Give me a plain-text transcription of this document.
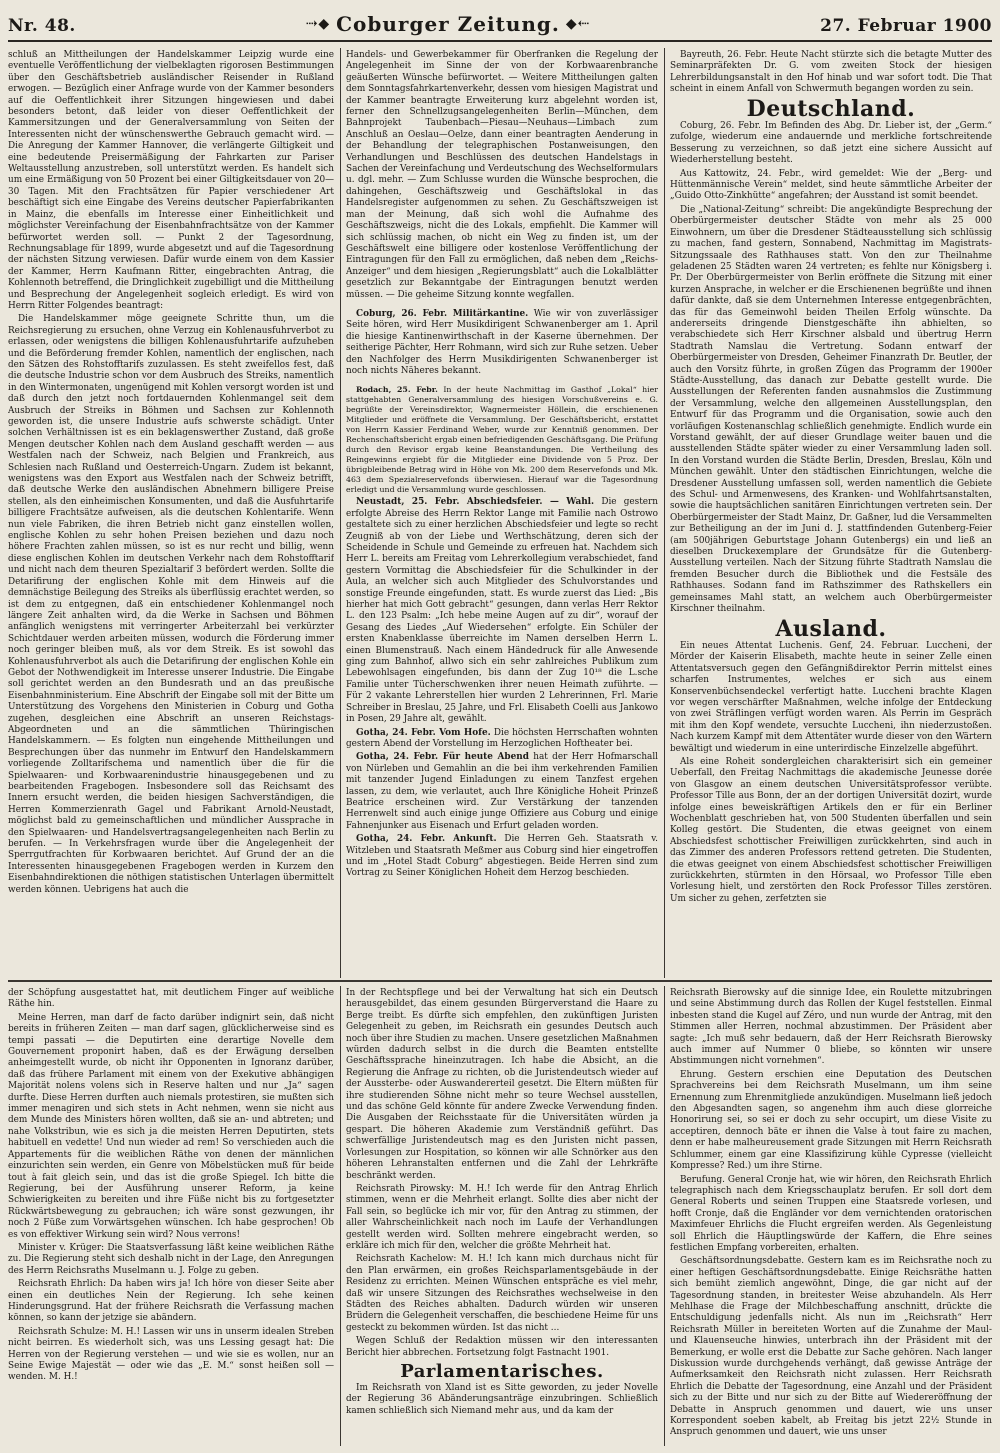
Nr. 48.	⇢◆ Coburger Zeitung. ◆⇠	27. Februar 1900

schluß an Mittheilungen der Handelskammer Leipzig wurde eine eventuelle Veröffentlichung der vielbeklagten rigorosen Bestimmungen über den Geschäftsbetrieb ausländischer Reisender in Rußland erwogen. — Bezüglich einer Anfrage wurde von der Kammer besonders auf die Oeffentlichkeit ihrer Sitzungen hingewiesen und dabei besonders betont, daß leider von dieser Oeffentlichkeit der Kammersitzungen und der Generalversammlung von Seiten der Interessenten nicht der wünschenswerthe Gebrauch gemacht wird. — Die Anregung der Kammer Hannover, die verlängerte Giltigkeit und eine bedeutende Preisermäßigung der Fahrkarten zur Pariser Weltausstellung anzustreben, soll unterstützt werden. Es handelt sich um eine Ermäßigung von 50 Prozent bei einer Giltigkeitsdauer von 20—30 Tagen. Mit den Frachtsätzen für Papier verschiedener Art beschäftigt sich eine Eingabe des Vereins deutscher Papierfabrikanten in Mainz, die ebenfalls im Interesse einer Einheitlichkeit und möglichster Vereinfachung der Eisenbahnfrachtsätze von der Kammer befürwortet werden soll. — Punkt 2 der Tagesordnung, Rechnungsablage für 1899, wurde abgesetzt und auf die Tagesordnung der nächsten Sitzung verwiesen. Dafür wurde einem von dem Kassier der Kammer, Herrn Kaufmann Ritter, eingebrachten Antrag, die Kohlennoth betreffend, die Dringlichkeit zugebilligt und die Mittheilung und Besprechung der Angelegenheit sogleich erledigt. Es wird von Herrn Ritter Folgendes beantragt:

Die Handelskammer möge geeignete Schritte thun, um die Reichsregierung zu ersuchen, ohne Verzug ein Kohlenausfuhrverbot zu erlassen, oder wenigstens die billigen Kohlenausfuhrtarife aufzuheben und die Beförderung fremder Kohlen, namentlich der englischen, nach den Sätzen des Rohstofftarifs zuzulassen. Es steht zweifellos fest, daß die deutsche Industrie schon vor dem Ausbruch des Streiks, namentlich in den Wintermonaten, ungenügend mit Kohlen versorgt worden ist und daß durch den jetzt noch fortdauernden Kohlenmangel seit dem Ausbruch der Streiks in Böhmen und Sachsen zur Kohlennoth geworden ist, die unsere Industrie aufs schwerste schädigt. Unter solchen Verhältnissen ist es ein beklagenswerther Zustand, daß große Mengen deutscher Kohlen nach dem Ausland geschafft werden — aus Westfalen nach der Schweiz, nach Belgien und Frankreich, aus Schlesien nach Rußland und Oesterreich-Ungarn. Zudem ist bekannt, wenigstens was den Export aus Westfalen nach der Schweiz betrifft, daß deutsche Werke den ausländischen Abnehmern billigere Preise stellen, als den einheimischen Konsumenten, und daß die Ausfuhrtarife billigere Frachtsätze aufweisen, als die deutschen Kohlentarife. Wenn nun viele Fabriken, die ihren Betrieb nicht ganz einstellen wollen, englische Kohlen zu sehr hohen Preisen beziehen und dazu noch höhere Frachten zahlen müssen, so ist es nur recht und billig, wenn diese englischen Kohlen im deutschen Verkehr nach dem Rohstofftarif und nicht nach dem theuren Spezialtarif 3 befördert werden. Sollte die Detarifirung der englischen Kohle mit dem Hinweis auf die demnächstige Beilegung des Streiks als überflüssig erachtet werden, so ist dem zu entgegnen, daß ein entschiedener Kohlenmangel noch längere Zeit anhalten wird, da die Werke in Sachsen und Böhmen anfänglich wenigstens mit verringerter Arbeiterzahl bei verkürzter Schichtdauer werden arbeiten müssen, wodurch die Förderung immer noch geringer bleiben muß, als vor dem Streik. Es ist sowohl das Kohlenausfuhrverbot als auch die Detarifirung der englischen Kohle ein Gebot der Nothwendigkeit im Interesse unserer Industrie. Die Eingabe soll gerichtet werden an den Bundesrath und an das preußische Eisenbahnministerium. Eine Abschrift der Eingabe soll mit der Bitte um Unterstützung des Vorgehens den Ministerien in Coburg und Gotha zugehen, desgleichen eine Abschrift an unseren Reichstags-Abgeordneten und an die sämmtlichen Thüringischen Handelskammern. — Es folgten nun eingehende Mittheilungen und Besprechungen über das nunmehr im Entwurf den Handelskammern vorliegende Zolltarifschema und namentlich über die für die Spielwaaren- und Korbwaarenindustrie hinausgegebenen und zu bearbeitenden Fragebogen. Insbesondere soll das Reichsamt des Innern ersucht werden, die beiden hiesigen Sachverständigen, die Herren Kommerzienrath Gagel und Fabrikant Arnold-Neustadt, möglichst bald zu gemeinschaftlichen und mündlicher Aussprache in den Spielwaaren- und Handelsvertragsangelegenheiten nach Berlin zu berufen. — In Verkehrsfragen wurde über die Angelegenheit der Sperrgutfrachten für Korbwaaren berichtet. Auf Grund der an die Interessenten hinausgegebenen Fragebogen werden in Kurzem den Eisenbahndirektionen die nöthigen statistischen Unterlagen übermittelt werden können. Uebrigens hat auch die

Handels- und Gewerbekammer für Oberfranken die Regelung der Angelegenheit im Sinne der von der Korbwaarenbranche geäußerten Wünsche befürwortet. — Weitere Mittheilungen galten dem Sonntagsfahrkartenverkehr, dessen vom hiesigen Magistrat und der Kammer beantragte Erweiterung kurz abgelehnt worden ist, ferner den Schnellzugsangelegenheiten Berlin—München, dem Bahnprojekt Taubenbach—Piesau—Neuhaus—Limbach zum Anschluß an Oeslau—Oelze, dann einer beantragten Aenderung in der Behandlung der telegraphischen Postanweisungen, den Verhandlungen und Beschlüssen des deutschen Handelstags in Sachen der Vereinfachung und Verdeutschung des Wechselformulars u. dgl. mehr. — Zum Schlusse wurden die Wünsche besprochen, die dahingehen, Geschäftszweig und Geschäftslokal in das Handelsregister aufgenommen zu sehen. Zu Geschäftszweigen ist man der Meinung, daß sich wohl die Aufnahme des Geschäftszweigs, nicht die des Lokals, empfiehlt. Die Kammer will sich schlüssig machen, ob nicht ein Weg zu finden ist, um der Geschäftswelt eine billigere oder kostenlose Veröffentlichung der Eintragungen für den Fall zu ermöglichen, daß neben dem „Reichs-Anzeiger“ und dem hiesigen „Regierungsblatt“ auch die Lokalblätter gesetzlich zur Bekanntgabe der Eintragungen benutzt werden müssen. — Die geheime Sitzung konnte wegfallen.

Coburg, 26. Febr. Militärkantine. Wie wir von zuverlässiger Seite hören, wird Herr Musikdirigent Schwanenberger am 1. April die hiesige Kantinenwirthschaft in der Kaserne übernehmen. Der seitherige Pächter, Herr Rohmann, wird sich zur Ruhe setzen. Ueber den Nachfolger des Herrn Musikdirigenten Schwanenberger ist noch nichts Näheres bekannt.

Rodach, 25. Febr. In der heute Nachmittag im Gasthof „Lokal“ hier stattgehabten Generalversammlung des hiesigen Vorschußvereins e. G. begrüßte der Vereinsdirektor, Wagnermeister Höllein, die erschienenen Mitglieder und eröffnete die Versammlung. Der Geschäftsbericht, erstattet von Herrn Kassier Ferdinand Weber, wurde zur Kenntniß genommen. Der Rechenschaftsbericht ergab einen befriedigenden Geschäftsgang. Die Prüfung durch den Revisor ergab keine Beanstandungen. Die Vertheilung des Reingewinns ergiebt für die Mitglieder eine Dividende von 5 Proz. Der übrigbleibende Betrag wird in Höhe von Mk. 200 dem Reservefonds und Mk. 463 dem Spezialreservefonds überwiesen. Hierauf war die Tagesordnung erledigt und die Versammlung wurde geschlossen.

Neustadt, 25. Febr. Abschiedsfeier. — Wahl. Die gestern erfolgte Abreise des Herrn Rektor Lange mit Familie nach Ostrowo gestaltete sich zu einer herzlichen Abschiedsfeier und legte so recht Zeugniß ab von der Liebe und Werthschätzung, deren sich der Scheidende in Schule und Gemeinde zu erfreuen hat. Nachdem sich Herr L. bereits am Freitag vom Lehrerkollegium verabschiedet, fand gestern Vormittag die Abschiedsfeier für die Schulkinder in der Aula, an welcher sich auch Mitglieder des Schulvorstandes und sonstige Freunde eingefunden, statt. Es wurde zuerst das Lied: „Bis hierher hat mich Gott gebracht“ gesungen, dann verlas Herr Rektor L. den 123 Psalm: „Ich hebe meine Augen auf zu dir“, worauf der Gesang des Liedes „Auf Wiedersehen“ erfolgte. Ein Schüler der ersten Knabenklasse überreichte im Namen derselben Herrn L. einen Blumenstrauß. Nach einem Händedruck für alle Anwesende ging zum Bahnhof, allwo sich ein sehr zahlreiches Publikum zum Lebewohlsagen eingefunden, bis dann der Zug 10¹⁸ die L.sche Familie unter Tücherschwenken ihrer neuen Heimath zuführte. — Für 2 vakante Lehrerstellen hier wurden 2 Lehrerinnen, Frl. Marie Schreiber in Breslau, 25 Jahre, und Frl. Elisabeth Coelli aus Jankowo in Posen, 29 Jahre alt, gewählt.

Gotha, 24. Febr. Vom Hofe. Die höchsten Herrschaften wohnten gestern Abend der Vorstellung im Herzoglichen Hoftheater bei.

Gotha, 24. Febr. Für heute Abend hat der Herr Hofmarschall von Nürleben und Gemahlin an die bei ihm verkehrenden Familien mit tanzender Jugend Einladungen zu einem Tanzfest ergehen lassen, zu dem, wie verlautet, auch Ihre Königliche Hoheit Prinzeß Beatrice erscheinen wird. Zur Verstärkung der tanzenden Herrenwelt sind auch einige junge Offiziere aus Coburg und einige Fahnenjunker aus Eisenach und Erfurt geladen worden.

Gotha, 24. Febr. Ankunft. Die Herren Geh. Staatsrath v. Witzleben und Staatsrath Meßmer aus Coburg sind hier eingetroffen und im „Hotel Stadt Coburg“ abgestiegen. Beide Herren sind zum Vortrag zu Seiner Königlichen Hoheit dem Herzog beschieden.

Bayreuth, 26. Febr. Heute Nacht stürzte sich die betagte Mutter des Seminarpräfekten Dr. G. vom zweiten Stock der hiesigen Lehrerbildungsanstalt in den Hof hinab und war sofort todt. Die That scheint in einem Anfall von Schwermuth begangen worden zu sein.

Deutschland.

Coburg, 26. Febr. Im Befinden des Abg. Dr. Lieber ist, der „Germ.“ zufolge, wiederum eine andauernde und merkliche fortschreitende Besserung zu verzeichnen, so daß jetzt eine sichere Aussicht auf Wiederherstellung besteht.

Aus Kattowitz, 24. Febr., wird gemeldet: Wie der „Berg- und Hüttenmännische Verein“ meldet, sind heute sämmtliche Arbeiter der „Guido Otto-Zinkhütte“ angefahren; der Ausstand ist somit beendet.

Die „National-Zeitung“ schreibt: Die angekündigte Besprechung der Oberbürgermeister deutscher Städte von mehr als 25 000 Einwohnern, um über die Dresdener Städteausstellung sich schlüssig zu machen, fand gestern, Sonnabend, Nachmittag im Magistrats-Sitzungssaale des Rathhauses statt. Von den zur Theilnahme geladenen 25 Städten waren 24 vertreten; es fehlte nur Königsberg i. Pr. Der Oberbürgermeister von Berlin eröffnete die Sitzung mit einer kurzen Ansprache, in welcher er die Erschienenen begrüßte und ihnen dafür dankte, daß sie dem Unternehmen Interesse entgegenbrächten, das für das Gemeinwohl beiden Theilen Erfolg wünschte. Da andererseits dringende Dienstgeschäfte ihn abhielten, so verabschiedete sich Herr Kirschner alsbald und übertrug Herrn Stadtrath Namslau die Vertretung. Sodann entwarf der Oberbürgermeister von Dresden, Geheimer Finanzrath Dr. Beutler, der auch den Vorsitz führte, in großen Zügen das Programm der 1900er Städte-Ausstellung, das danach zur Debatte gestellt wurde. Die Ausstellungen der Referenten fanden ausnahmslos die Zustimmung der Versammlung, welche den allgemeinen Ausstellungsplan, den Entwurf für das Programm und die Organisation, sowie auch den vorläufigen Kostenanschlag schließlich genehmigte. Endlich wurde ein Vorstand gewählt, der auf dieser Grundlage weiter bauen und die ausstellenden Städte später wieder zu einer Versammlung laden soll. In den Vorstand wurden die Städte Berlin, Dresden, Breslau, Köln und München gewählt. Unter den städtischen Einrichtungen, welche die Dresdener Ausstellung umfassen soll, werden namentlich die Gebiete des Schul- und Armenwesens, des Kranken- und Wohlfahrtsanstalten, sowie die hauptsächlichen sanitären Einrichtungen vertreten sein. Der Oberbürgermeister der Stadt Mainz, Dr. Gaßner, lud die Versammelten zur Betheiligung an der im Juni d. J. stattfindenden Gutenberg-Feier (am 500jährigen Geburtstage Johann Gutenbergs) ein und ließ an dieselben Druckexemplare der Grundsätze für die Gutenberg-Ausstellung verteilen. Nach der Sitzung führte Stadtrath Namslau die fremden Besucher durch die Bibliothek und die Festsäle des Rathhauses. Sodann fand im Rathszimmer des Rathskellers ein gemeinsames Mahl statt, an welchem auch Oberbürgermeister Kirschner theilnahm.

Ausland.

Ein neues Attentat Luchenis. Genf, 24. Februar. Luccheni, der Mörder der Kaiserin Elisabeth, machte heute in seiner Zelle einen Attentatsversuch gegen den Gefängnißdirektor Perrin mittelst eines scharfen Instrumentes, welches er sich aus einem Konservenbüchsendeckel verfertigt hatte. Luccheni brachte Klagen vor wegen verschärfter Maßnahmen, welche infolge der Entdeckung von zwei Sträflingen verfügt worden waren. Als Perrin im Gespräch mit ihm den Kopf wendete, versuchte Luccheni, ihn niederzustoßen. Nach kurzem Kampf mit dem Attentäter wurde dieser von den Wärtern bewältigt und wiederum in eine unterirdische Einzelzelle abgeführt.

Als eine Roheit sondergleichen charakterisirt sich ein gemeiner Ueberfall, den Freitag Nachmittags die akademische Jeunesse dorée von Glasgow an einem deutschen Universitätsprofessor verübte. Professor Tille aus Bonn, der an der dortigen Universität dozirt, wurde infolge eines beweiskräftigen Artikels den er für ein Berliner Wochenblatt geschrieben hat, von 500 Studenten überfallen und sein Kolleg gestört. Die Studenten, die etwas geeignet von einem Abschiedsfest schottischer Freiwilligen zurückkehrten, sind auch in das Zimmer des anderen Professors rettend getreten. Die Studenten, die etwas geeignet von einem Abschiedsfest schottischer Freiwilligen zurückkehrten, stürmten in den Hörsaal, wo Professor Tille eben Vorlesung hielt, und zerstörten den Rock Professor Tilles zerstören. Um sicher zu gehen, zerfetzten sie

der Schöpfung ausgestattet hat, mit deutlichem Finger auf weibliche Räthe hin.

Meine Herren, man darf de facto darüber indignirt sein, daß nicht bereits in früheren Zeiten — man darf sagen, glücklicherweise sind es tempi passati — die Deputirten eine derartige Novelle dem Gouvernement proponirt haben, daß es der Erwägung derselben anheimgestellt wurde, ob nicht ihr Opponenten in Ignoranz darüber, daß das frühere Parlament mit einem von der Exekutive abhängigen Majorität nolens volens sich in Reserve halten und nur „Ja“ sagen durfte. Diese Herren durften auch niemals protestiren, sie mußten sich immer menagiren und sich stets in Acht nehmen, wenn sie nicht aus dem Munde des Ministers hören wollten, daß sie an- und abtreten; und nahe Volkstribun, wie es sich ja die meisten Herren Deputirten, stets habituell en vedette! Und nun wieder ad rem! So verschieden auch die Appartements für die weiblichen Räthe von denen der männlichen einzurichten sein werden, ein Genre von Möbelstücken muß für beide tout à fait gleich sein, und das ist die große Spiegel. Ich bitte die Regierung, bei der Ausführung unserer Reform, ja keine Schwierigkeiten zu bereiten und ihre Füße nicht bis zu fortgesetzter Rückwärtsbewegung zu gebrauchen; ich wäre sonst gezwungen, ihr noch 2 Füße zum Vorwärtsgehen wünschen. Ich habe gesprochen! Ob es von effektiver Wirkung sein wird? Nous verrons!

Minister v. Krüger: Die Staatsverfassung läßt keine weiblichen Räthe zu. Die Regierung steht sich deshalb nicht in der Lage, den Anregungen des Herrn Reichsraths Muselmann u. J. Folge zu geben.

Reichsrath Ehrlich: Da haben wirs ja! Ich höre von dieser Seite aber einen ein deutliches Nein der Regierung. Ich sehe keinen Hinderungsgrund. Hat der frühere Reichsrath die Verfassung machen können, so kann der jetzige sie abändern.

Reichsrath Schulze: M. H.! Lassen wir uns in unserm idealen Streben nicht beirren. Es wiederholt sich, was uns Lessing gesagt hat: Die Herren von der Regierung verstehen — und wie sie es wollen, nur an Seine Ewige Majestät — oder wie das „E. M.“ sonst heißen soll — wenden. M. H.!

In der Rechtspflege und bei der Verwaltung hat sich ein Deutsch herausgebildet, das einem gesunden Bürgerverstand die Haare zu Berge treibt. Es dürfte sich empfehlen, den zukünftigen Juristen Gelegenheit zu geben, im Reichsrath ein gesundes Deutsch auch noch über ihre Studien zu machen. Unsere gesetzlichen Maßnahmen würden dadurch selbst in die durch die Beamten entstellte Geschäftssprache hineinzutragen. Ich habe die Absicht, an die Regierung die Anfrage zu richten, ob die Juristendeutsch wieder auf der Aussterbe- oder Auswandererteil gesetzt. Die Eltern müßten für ihre studierenden Söhne nicht mehr so teure Wechsel ausstellen, und das schöne Geld könnte für andere Zwecke Verwendung finden. Die Ausgaben der Reichsstaate für die Universitäten würden ja gespart. Die höheren Akademie zum Verständniß geführt. Das schwerfällige Juristendeutsch mag es den Juristen nicht passen, Vorlesungen zur Hospitation, so können wir alle Schnörker aus den höheren Lehranstalten entfernen und die Zahl der Lehrkräfte beschränkt werden.

Reichsrath Pirowsky: M. H.! Ich werde für den Antrag Ehrlich stimmen, wenn er die Mehrheit erlangt. Sollte dies aber nicht der Fall sein, so beglücke ich mir vor, für den Antrag zu stimmen, der aller Wahrscheinlichkeit nach noch im Laufe der Verhandlungen gestellt werden wird. Sollten mehrere eingebracht werden, so erkläre ich mich für den, welcher die größte Mehrheit hat.

Reichsrath Kachelow: M. H.! Ich kann mich durchaus nicht für den Plan erwärmen, ein großes Reichsparlamentsgebäude in der Residenz zu errichten. Meinen Wünschen entspräche es viel mehr, daß wir unsere Sitzungen des Reichsrathes wechselweise in den Städten des Reiches abhalten. Dadurch würden wir unseren Brüdern die Gelegenheit verschaffen, die beschiedene Heime für uns gesteckt zu bekommen würden. Ist das nicht ...

Wegen Schluß der Redaktion müssen wir den interessanten Bericht hier abbrechen. Fortsetzung folgt Fastnacht 1901.

Parlamentarisches.

Im Reichsrath von Xland ist es Sitte geworden, zu jeder Novelle der Regierung 36 Abänderungsanträge einzubringen. Schließlich kamen schließlich sich Niemand mehr aus, und da kam der

Reichsrath Bierowsky auf die sinnige Idee, ein Roulette mitzubringen und seine Abstimmung durch das Rollen der Kugel feststellen. Einmal inbesten stand die Kugel auf Zéro, und nun wurde der Antrag, mit den Stimmen aller Herren, nochmal abzustimmen. Der Präsident aber sagte: „Ich muß sehr bedauern, daß der Herr Reichsrath Bierowsky auch immer auf Nummer 0 bliebe, so könnten wir unsere Abstimmungen nicht vornehmen“.

Ehrung. Gestern erschien eine Deputation des Deutschen Sprachvereins bei dem Reichsrath Muselmann, um ihm seine Ernennung zum Ehrenmitgliede anzukündigen. Muselmann ließ jedoch den Abgesandten sagen, so angenehm ihm auch diese glorreiche Honorirung sei, so sei er doch zu sehr occupirt, um diese Visite zu acceptiren, dennoch bäte er ihnen die Valse à tout faire zu machen, denn er habe malheureusement grade Sitzungen mit Herrn Reichsrath Schlummer, einem gar eine Klassifizirung kühle Cypresse (vielleicht Kompresse? Red.) um ihre Stirne.

Berufung. General Cronje hat, wie wir hören, den Reichsrath Ehrlich telegraphisch nach dem Kriegsschauplatz berufen. Er soll dort dem General Roberts und seinen Truppen eine Staatsrede vorlesen, und hofft Cronje, daß die Engländer vor dem vernichtenden oratorischen Maximfeuer Ehrlichs die Flucht ergreifen werden. Als Gegenleistung soll Ehrlich die Häuptlingswürde der Kaffern, die Ehre seines festlichen Empfang vorbereiten, erhalten.

Geschäftsordnungsdebatte. Gestern kam es im Reichsrathe noch zu einer heftigen Geschäftsordnungsdebatte. Einige Reichsräthe hatten sich bemüht ziemlich angewöhnt, Dinge, die gar nicht auf der Tagesordnung standen, in breitester Weise abzuhandeln. Als Herr Mehlhase die Frage der Milchbeschaffung anschnitt, drückte die Entschuldigung jedenfalls nicht. Als nun im „Reichsrath“ Herr Reichsrath Müller in bereiteten Worten auf die Zunahme der Maul- und Klauenseuche hinwies, unterbrach ihn der Präsident mit der Bemerkung, er wolle erst die Debatte zur Sache gehören. Nach langer Diskussion wurde durchgehends verhängt, daß gewisse Anträge der Aufmerksamkeit den Reichsrath nicht zulassen. Herr Reichsrath Ehrlich die Debatte der Tagesordnung, eine Anzahl und der Präsident sich zu der Bitte und nur sich zu der Bitte auf Wiedereröffnung der Debatte in Anspruch genommen und dauert, wie uns unser Korrespondent soeben kabelt, ab Freitag bis jetzt 22½ Stunde in Anspruch genommen und dauert, wie uns unser
